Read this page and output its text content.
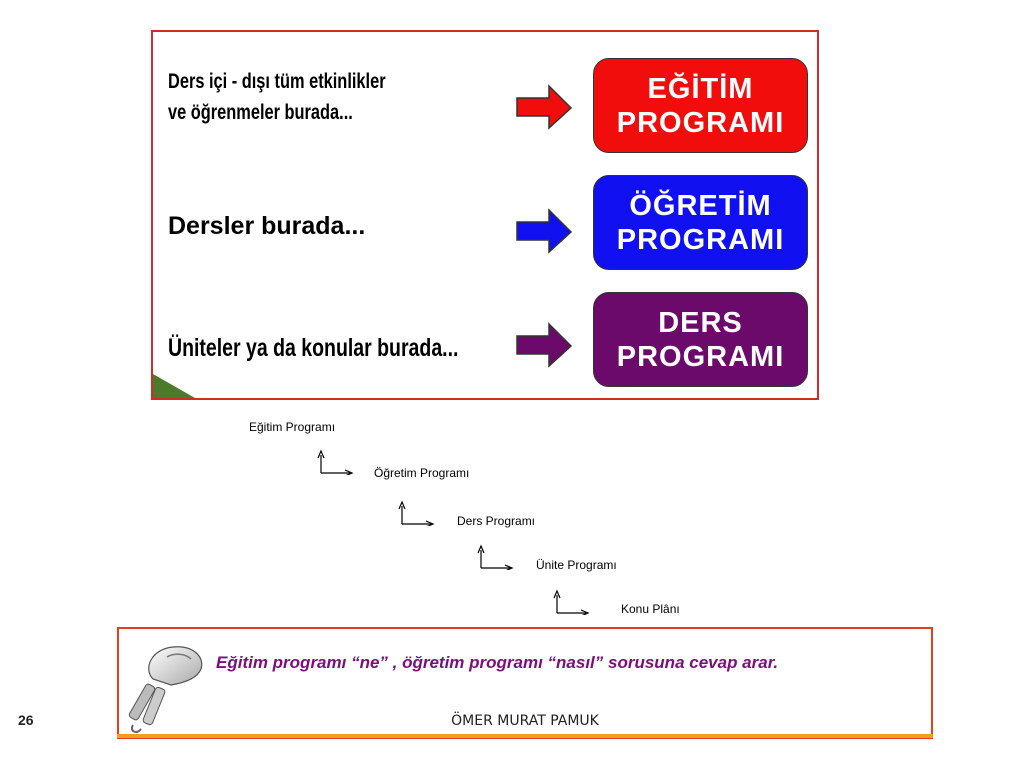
Ders içi - dışı tüm etkinlikler
ve öğrenmeler burada...
EĞİTİM
PROGRAMI
Dersler burada...
ÖĞRETİM
PROGRAMI
Üniteler ya da konular burada...
DERS
PROGRAMI
Eğitim Programı
Öğretim Programı
Ders Programı
Ünite Programı
Konu Plânı
Eğitim programı “ne” , öğretim programı “nasıl” sorusuna cevap arar.
ÖMER MURAT PAMUK
26
